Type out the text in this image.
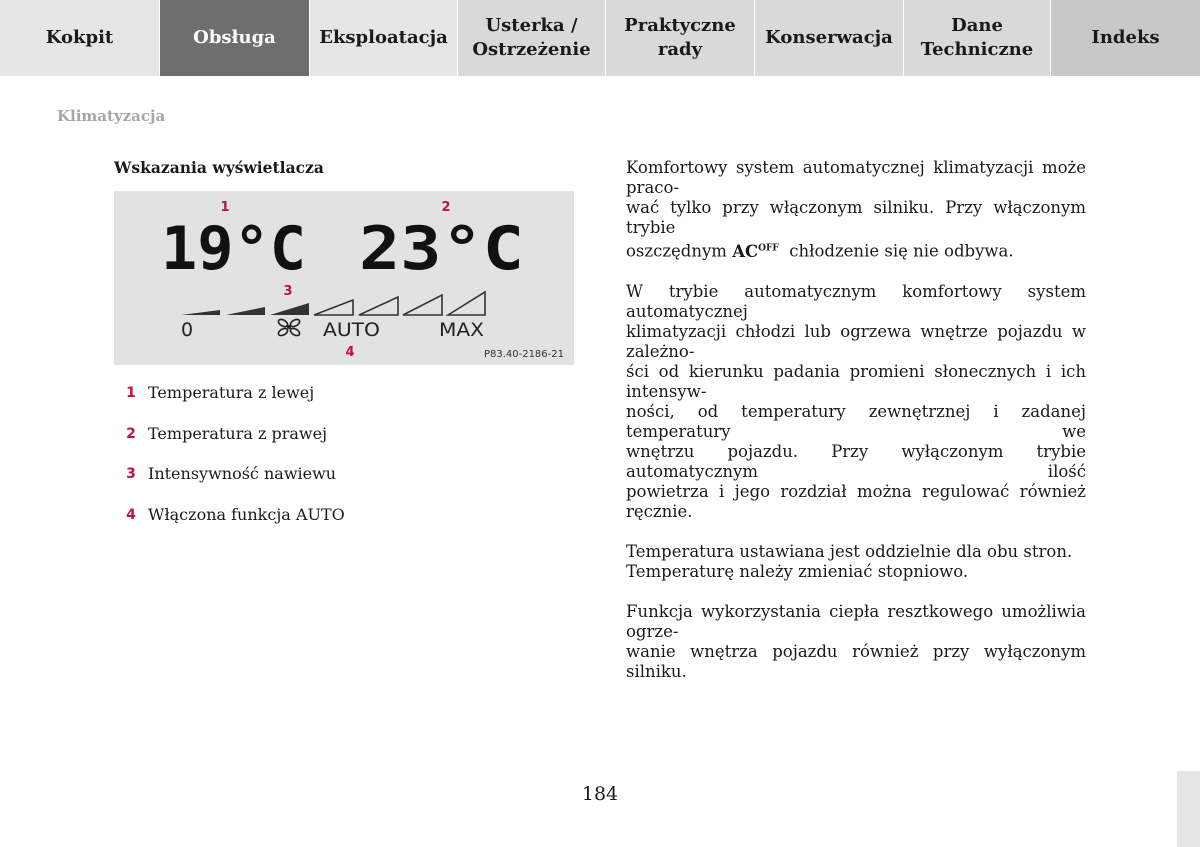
Kokpit	Obsługa	Eksploatacja
Usterka /
Ostrzeżenie
Praktyczne
rady
Konserwacja
Dane
Techniczne
Indeks
Klimatyzacja
Wskazania wyświetlacza
1	2
19°C 23°C
3
0	AUTO	MAX
4	P83.40-2186-21
1 Temperatura z lewej
2 Temperatura z prawej
3 Intensywność nawiewu
4 Włączona funkcja AUTO

Komfortowy system automatycznej klimatyzacji może praco-
wać tylko przy włączonym silniku. Przy włączonym trybie
oszczędnym $AC^{OFF}$ chłodzenie się nie odbywa.

W trybie automatycznym komfortowy system automatycznej
klimatyzacji chłodzi lub ogrzewa wnętrze pojazdu w zależno-
ści od kierunku padania promieni słonecznych i ich intensyw-
ności, od temperatury zewnętrznej i zadanej temperatury we
wnętrzu pojazdu. Przy wyłączonym trybie automatycznym ilość
powietrza i jego rozdział można regulować również ręcznie.

Temperatura ustawiana jest oddzielnie dla obu stron.
Temperaturę należy zmieniać stopniowo.

Funkcja wykorzystania ciepła resztkowego umożliwia ogrze-
wanie wnętrza pojazdu również przy wyłączonym silniku.

184
